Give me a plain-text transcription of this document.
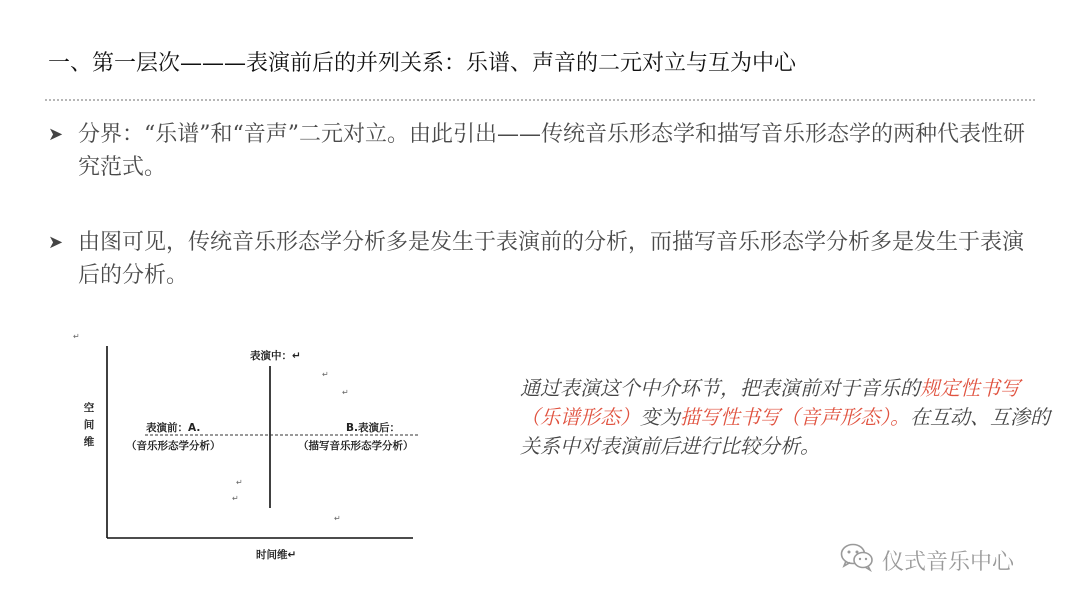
一、第一层次———表演前后的并列关系：乐谱、声音的二元对立与互为中心
➤ 分界：“乐谱”和“音声”二元对立。由此引出——传统音乐形态学和描写音乐形态学的两种代表性研究范式。
➤ 由图可见，传统音乐形态学分析多是发生于表演前的分析，而描写音乐形态学分析多是发生于表演后的分析。
↵
表演中：↵
↵
↵
空间维
表演前：A.
（音乐形态学分析）
B.表演后：
（描写音乐形态学分析）
↵
↵
↵
时间维↵
通过表演这个中介环节，把表演前对于音乐的规定性书写（乐谱形态）变为描写性书写（音声形态）。在互动、互渗的关系中对表演前后进行比较分析。
仪式音乐中心
